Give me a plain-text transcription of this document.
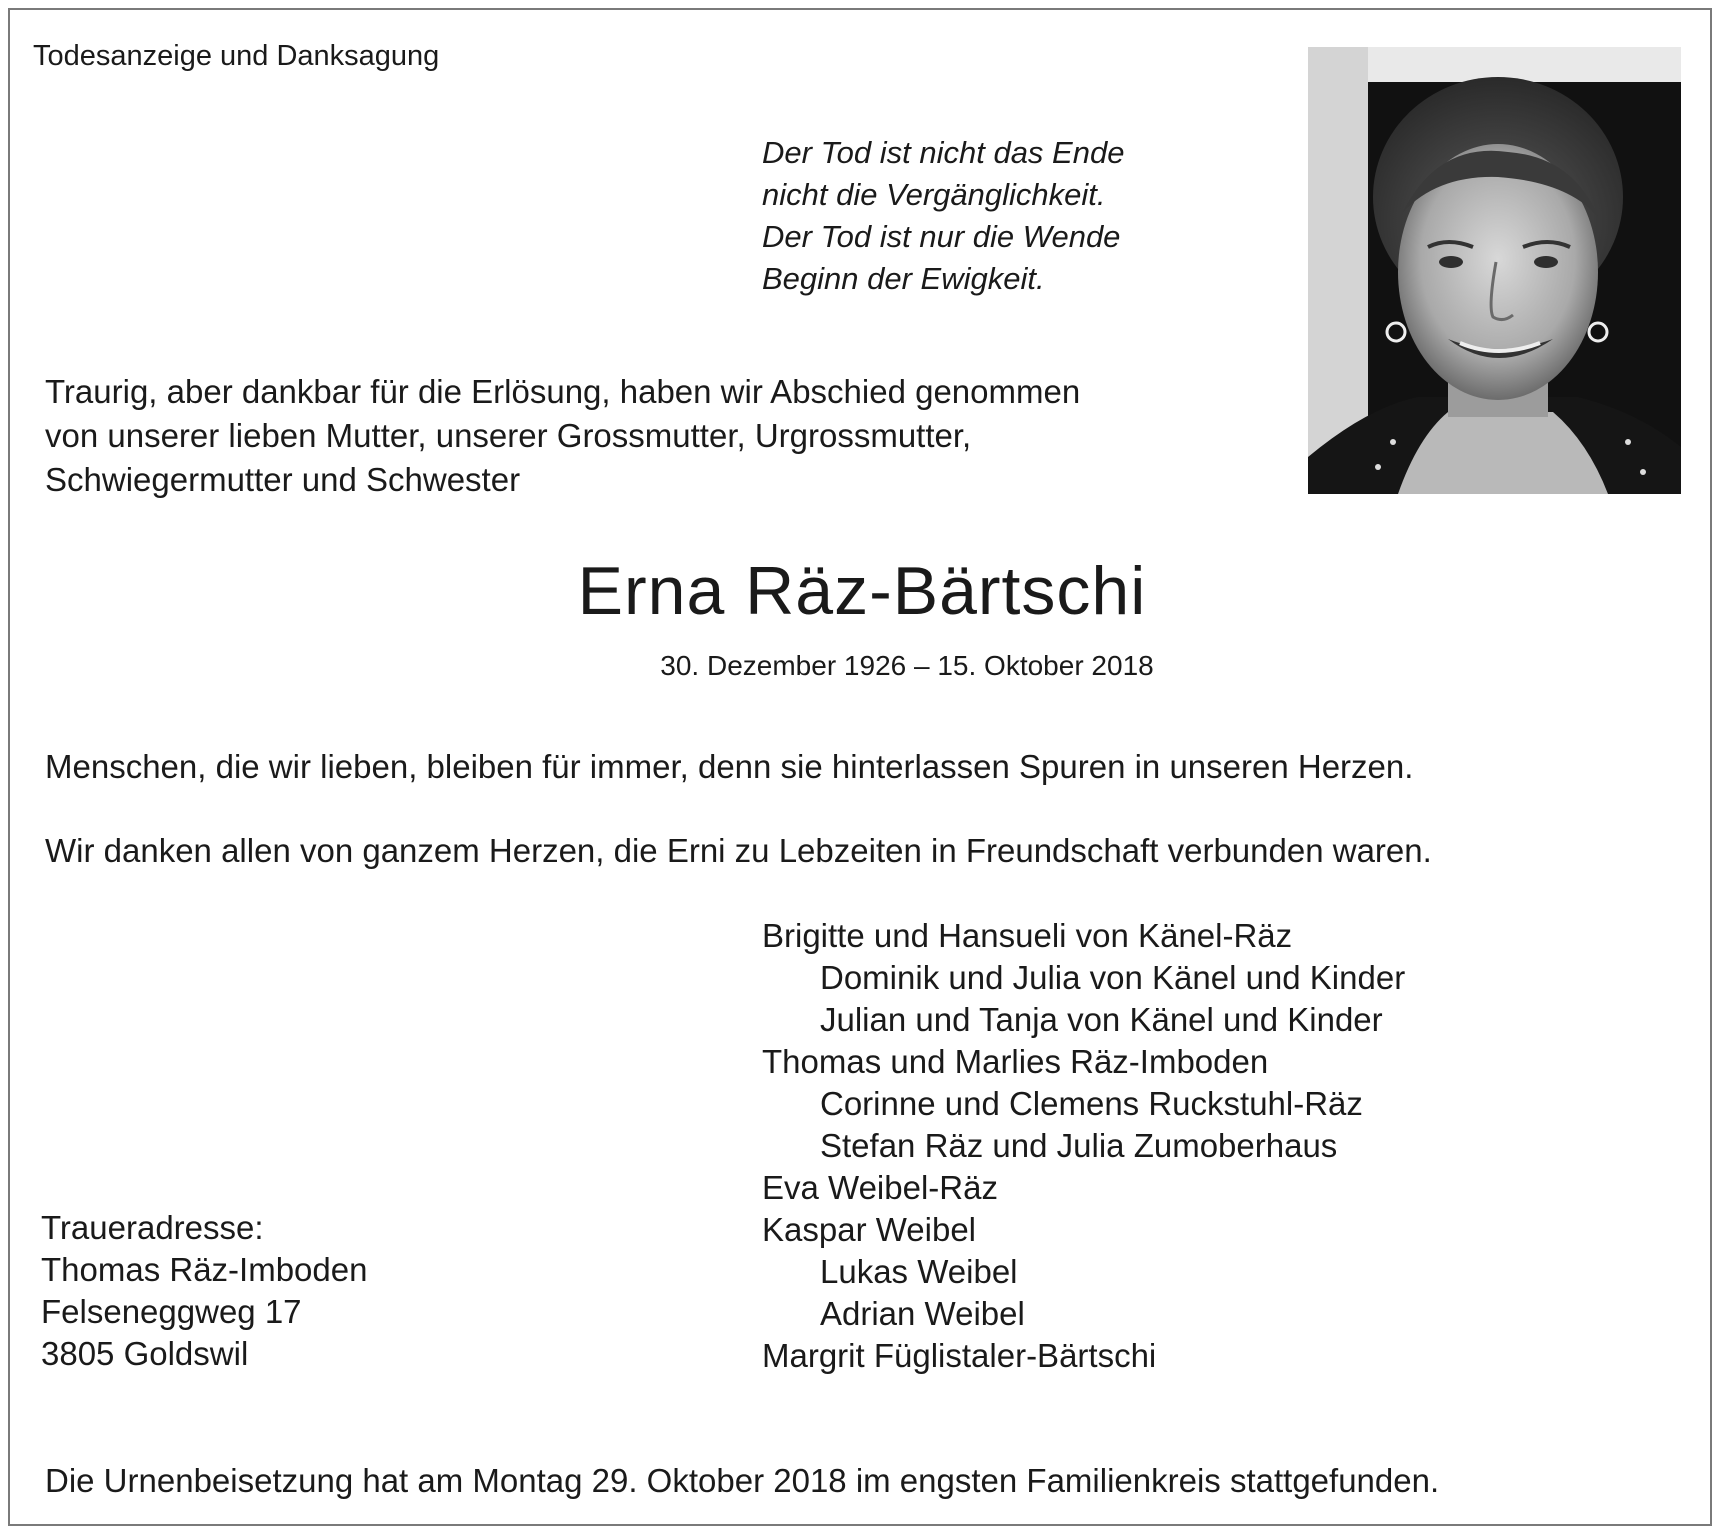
Todesanzeige und Danksagung
Der Tod ist nicht das Ende
nicht die Vergänglichkeit.
Der Tod ist nur die Wende
Beginn der Ewigkeit.
Traurig, aber dankbar für die Erlösung, haben wir Abschied genommen
von unserer lieben Mutter, unserer Grossmutter, Urgrossmutter,
Schwiegermutter und Schwester
Erna Räz-Bärtschi
30. Dezember 1926 – 15. Oktober 2018
Menschen, die wir lieben, bleiben für immer, denn sie hinterlassen Spuren in unseren Herzen.
Wir danken allen von ganzem Herzen, die Erni zu Lebzeiten in Freundschaft verbunden waren.
Brigitte und Hansueli von Känel-Räz
Dominik und Julia von Känel und Kinder
Julian und Tanja von Känel und Kinder
Thomas und Marlies Räz-Imboden
Corinne und Clemens Ruckstuhl-Räz
Stefan Räz und Julia Zumoberhaus
Eva Weibel-Räz
Kaspar Weibel
Lukas Weibel
Adrian Weibel
Margrit Füglistaler-Bärtschi
Traueradresse:
Thomas Räz-Imboden
Felseneggweg 17
3805 Goldswil
Die Urnenbeisetzung hat am Montag 29. Oktober 2018 im engsten Familienkreis stattgefunden.
